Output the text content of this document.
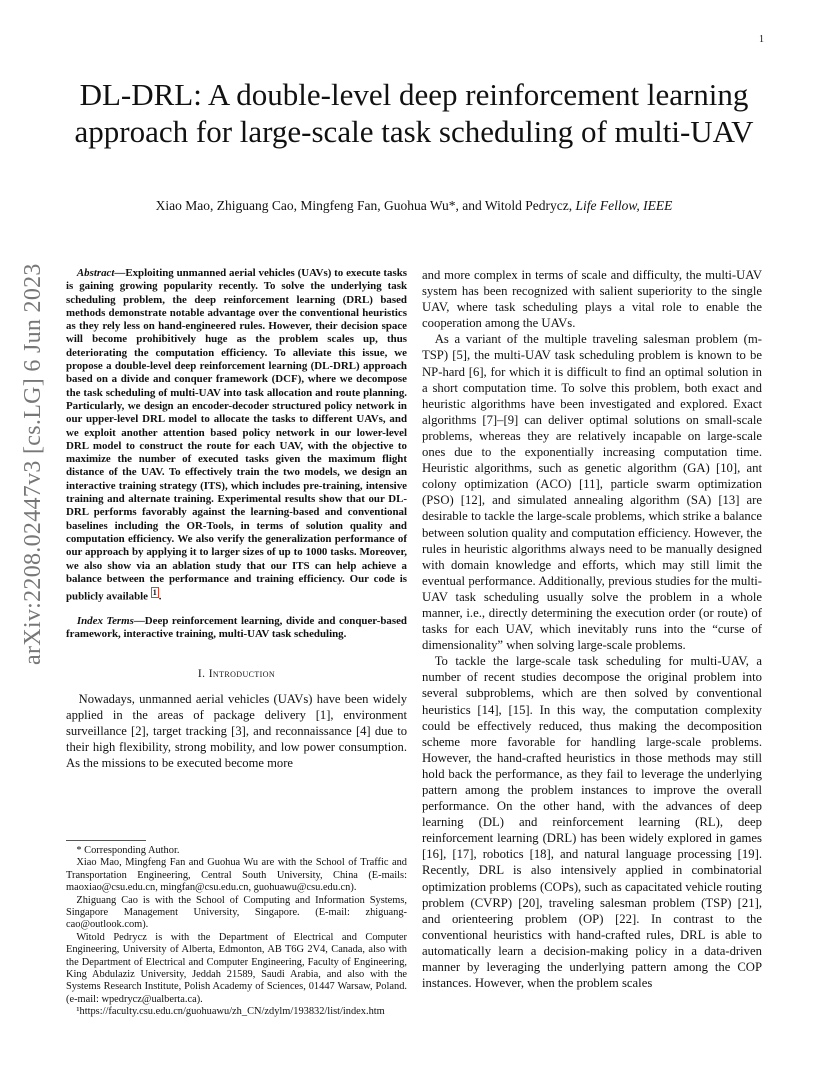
1
arXiv:2208.02447v3 [cs.LG] 6 Jun 2023
DL-DRL: A double-level deep reinforcement learning approach for large-scale task scheduling of multi-UAV
Xiao Mao, Zhiguang Cao, Mingfeng Fan, Guohua Wu*, and Witold Pedrycz, Life Fellow, IEEE

Abstract—Exploiting unmanned aerial vehicles (UAVs) to execute tasks is gaining growing popularity recently. To solve the underlying task scheduling problem, the deep reinforcement learning (DRL) based methods demonstrate notable advantage over the conventional heuristics as they rely less on hand-engineered rules. However, their decision space will become prohibitively huge as the problem scales up, thus deteriorating the computation efficiency. To alleviate this issue, we propose a double-level deep reinforcement learning (DL-DRL) approach based on a divide and conquer framework (DCF), where we decompose the task scheduling of multi-UAV into task allocation and route planning. Particularly, we design an encoder-decoder structured policy network in our upper-level DRL model to allocate the tasks to different UAVs, and we exploit another attention based policy network in our lower-level DRL model to construct the route for each UAV, with the objective to maximize the number of executed tasks given the maximum flight distance of the UAV. To effectively train the two models, we design an interactive training strategy (ITS), which includes pre-training, intensive training and alternate training. Experimental results show that our DL-DRL performs favorably against the learning-based and conventional baselines including the OR-Tools, in terms of solution quality and computation efficiency. We also verify the generalization performance of our approach by applying it to larger sizes of up to 1000 tasks. Moreover, we also show via an ablation study that our ITS can help achieve a balance between the performance and training efficiency. Our code is publicly available $^1$ .

Index Terms—Deep reinforcement learning, divide and conquer-based framework, interactive training, multi-UAV task scheduling.

I. Introduction

Nowadays, unmanned aerial vehicles (UAVs) have been widely applied in the areas of package delivery [1], environment surveillance [2], target tracking [3], and reconnaissance [4] due to their high flexibility, strong mobility, and low power consumption. As the missions to be executed become more

* Corresponding Author.

Xiao Mao, Mingfeng Fan and Guohua Wu are with the School of Traffic and Transportation Engineering, Central South University, China (E-mails: maoxiao@csu.edu.cn, mingfan@csu.edu.cn, guohuawu@csu.edu.cn).

Zhiguang Cao is with the School of Computing and Information Systems, Singapore Management University, Singapore. (E-mail: zhiguang-cao@outlook.com).

Witold Pedrycz is with the Department of Electrical and Computer Engineering, University of Alberta, Edmonton, AB T6G 2V4, Canada, also with the Department of Electrical and Computer Engineering, Faculty of Engineering, King Abdulaziz University, Jeddah 21589, Saudi Arabia, and also with the Systems Research Institute, Polish Academy of Sciences, 01447 Warsaw, Poland. (e-mail: wpedrycz@ualberta.ca).

¹https://faculty.csu.edu.cn/guohuawu/zh_CN/zdylm/193832/list/index.htm

and more complex in terms of scale and difficulty, the multi-UAV system has been recognized with salient superiority to the single UAV, where task scheduling plays a vital role to enable the cooperation among the UAVs.

As a variant of the multiple traveling salesman problem (m-TSP) [5], the multi-UAV task scheduling problem is known to be NP-hard [6], for which it is difficult to find an optimal solution in a short computation time. To solve this problem, both exact and heuristic algorithms have been investigated and explored. Exact algorithms [7]–[9] can deliver optimal solutions on small-scale problems, whereas they are relatively incapable on large-scale ones due to the exponentially increasing computation time. Heuristic algorithms, such as genetic algorithm (GA) [10], ant colony optimization (ACO) [11], particle swarm optimization (PSO) [12], and simulated annealing algorithm (SA) [13] are desirable to tackle the large-scale problems, which strike a balance between solution quality and computation efficiency. However, the rules in heuristic algorithms always need to be manually designed with domain knowledge and efforts, which may still limit the eventual performance. Additionally, previous studies for the multi-UAV task scheduling usually solve the problem in a whole manner, i.e., directly determining the execution order (or route) of tasks for each UAV, which inevitably runs into the “curse of dimensionality” when solving large-scale problems.

To tackle the large-scale task scheduling for multi-UAV, a number of recent studies decompose the original problem into several subproblems, which are then solved by conventional heuristics [14], [15]. In this way, the computation complexity could be effectively reduced, thus making the decomposition scheme more favorable for handling large-scale problems. However, the hand-crafted heuristics in those methods may still hold back the performance, as they fail to leverage the underlying pattern among the problem instances to improve the overall performance. On the other hand, with the advances of deep learning (DL) and reinforcement learning (RL), deep reinforcement learning (DRL) has been widely explored in games [16], [17], robotics [18], and natural language processing [19]. Recently, DRL is also intensively applied in combinatorial optimization problems (COPs), such as capacitated vehicle routing problem (CVRP) [20], traveling salesman problem (TSP) [21], and orienteering problem (OP) [22]. In contrast to the conventional heuristics with hand-crafted rules, DRL is able to automatically learn a decision-making policy in a data-driven manner by leveraging the underlying pattern among the COP instances. However, when the problem scales
